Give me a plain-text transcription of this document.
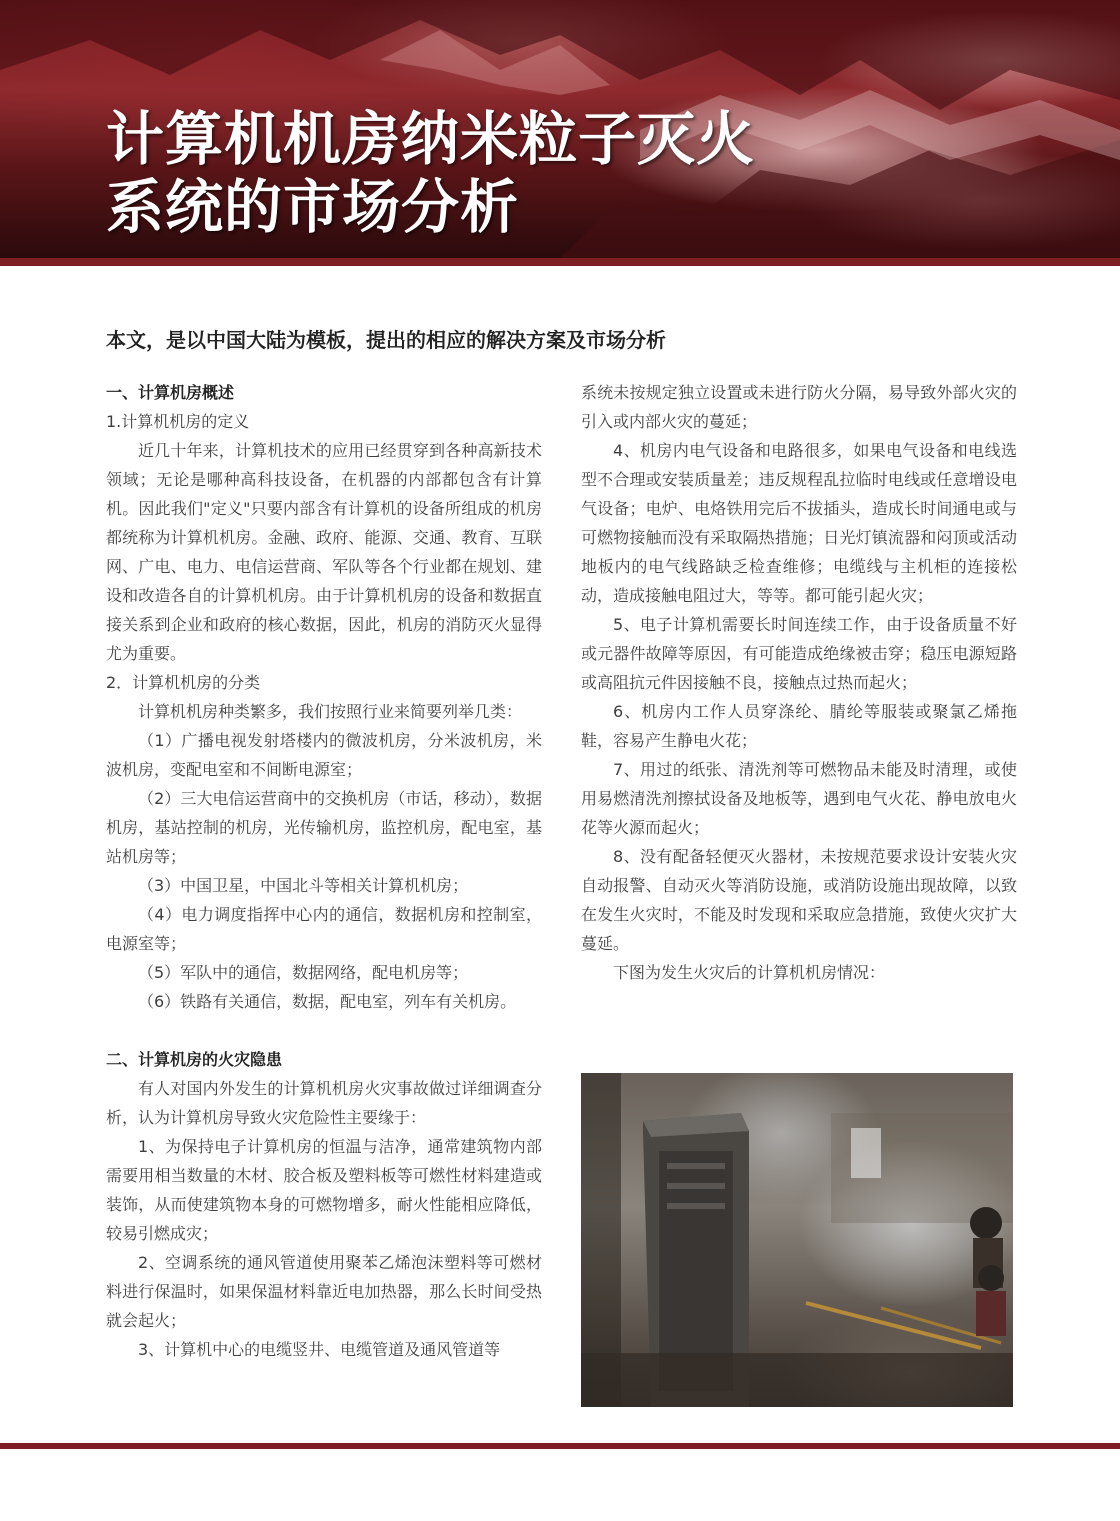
计算机机房纳米粒子灭火
系统的市场分析
本文，是以中国大陆为模板，提出的相应的解决方案及市场分析

一、计算机房概述

1.计算机机房的定义

近几十年来，计算机技术的应用已经贯穿到各种高新技术领域；无论是哪种高科技设备，在机器的内部都包含有计算机。因此我们"定义"只要内部含有计算机的设备所组成的机房都统称为计算机机房。金融、政府、能源、交通、教育、互联网、广电、电力、电信运营商、军队等各个行业都在规划、建设和改造各自的计算机机房。由于计算机机房的设备和数据直接关系到企业和政府的核心数据，因此，机房的消防灭火显得尤为重要。

2．计算机机房的分类

计算机机房种类繁多，我们按照行业来简要列举几类：

（1）广播电视发射塔楼内的微波机房，分米波机房，米波机房，变配电室和不间断电源室；

（2）三大电信运营商中的交换机房（市话，移动），数据机房，基站控制的机房，光传输机房，监控机房，配电室，基站机房等；

（3）中国卫星，中国北斗等相关计算机机房；

（4）电力调度指挥中心内的通信，数据机房和控制室，电源室等；

（5）军队中的通信，数据网络，配电机房等；

（6）铁路有关通信，数据，配电室，列车有关机房。

二、计算机房的火灾隐患

有人对国内外发生的计算机机房火灾事故做过详细调查分析，认为计算机房导致火灾危险性主要缘于：

1、为保持电子计算机房的恒温与洁净，通常建筑物内部需要用相当数量的木材、胶合板及塑料板等可燃性材料建造或装饰，从而使建筑物本身的可燃物增多，耐火性能相应降低，较易引燃成灾；

2、空调系统的通风管道使用聚苯乙烯泡沫塑料等可燃材料进行保温时，如果保温材料靠近电加热器，那么长时间受热就会起火；

3、计算机中心的电缆竖井、电缆管道及通风管道等

系统未按规定独立设置或未进行防火分隔，易导致外部火灾的引入或内部火灾的蔓延；

4、机房内电气设备和电路很多，如果电气设备和电线选型不合理或安装质量差；违反规程乱拉临时电线或任意增设电气设备；电炉、电烙铁用完后不拔插头，造成长时间通电或与可燃物接触而没有采取隔热措施；日光灯镇流器和闷顶或活动地板内的电气线路缺乏检查维修；电缆线与主机柜的连接松动，造成接触电阻过大，等等。都可能引起火灾；

5、电子计算机需要长时间连续工作，由于设备质量不好或元器件故障等原因，有可能造成绝缘被击穿；稳压电源短路或高阻抗元件因接触不良，接触点过热而起火；

6、机房内工作人员穿涤纶、腈纶等服装或聚氯乙烯拖鞋，容易产生静电火花；

7、用过的纸张、清洗剂等可燃物品未能及时清理，或使用易燃清洗剂擦拭设备及地板等，遇到电气火花、静电放电火花等火源而起火；

8、没有配备轻便灭火器材，未按规范要求设计安装火灾自动报警、自动灭火等消防设施，或消防设施出现故障，以致在发生火灾时，不能及时发现和采取应急措施，致使火灾扩大蔓延。

下图为发生火灾后的计算机机房情况：
